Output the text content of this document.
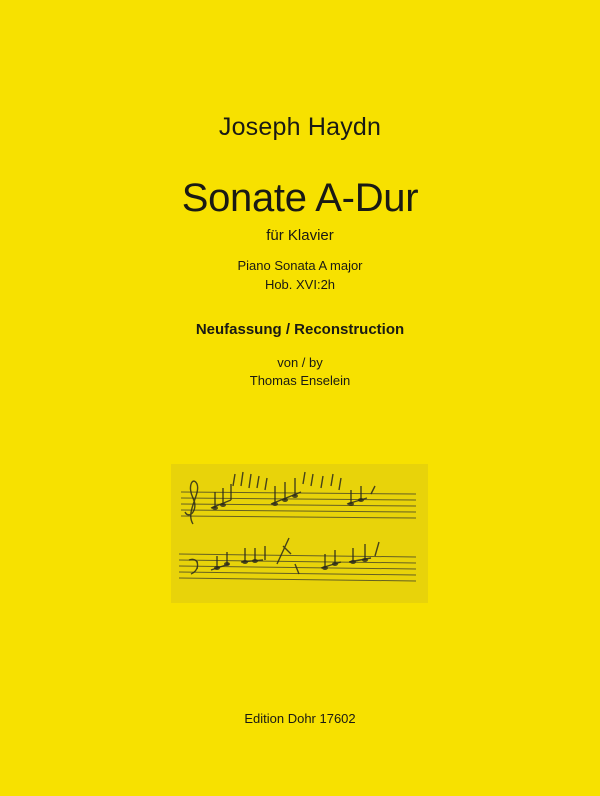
Joseph Haydn
Sonate A-Dur
für Klavier
Piano Sonata A major
Hob. XVI:2h
Neufassung / Reconstruction
von / by
Thomas Enselein
Edition Dohr 17602
